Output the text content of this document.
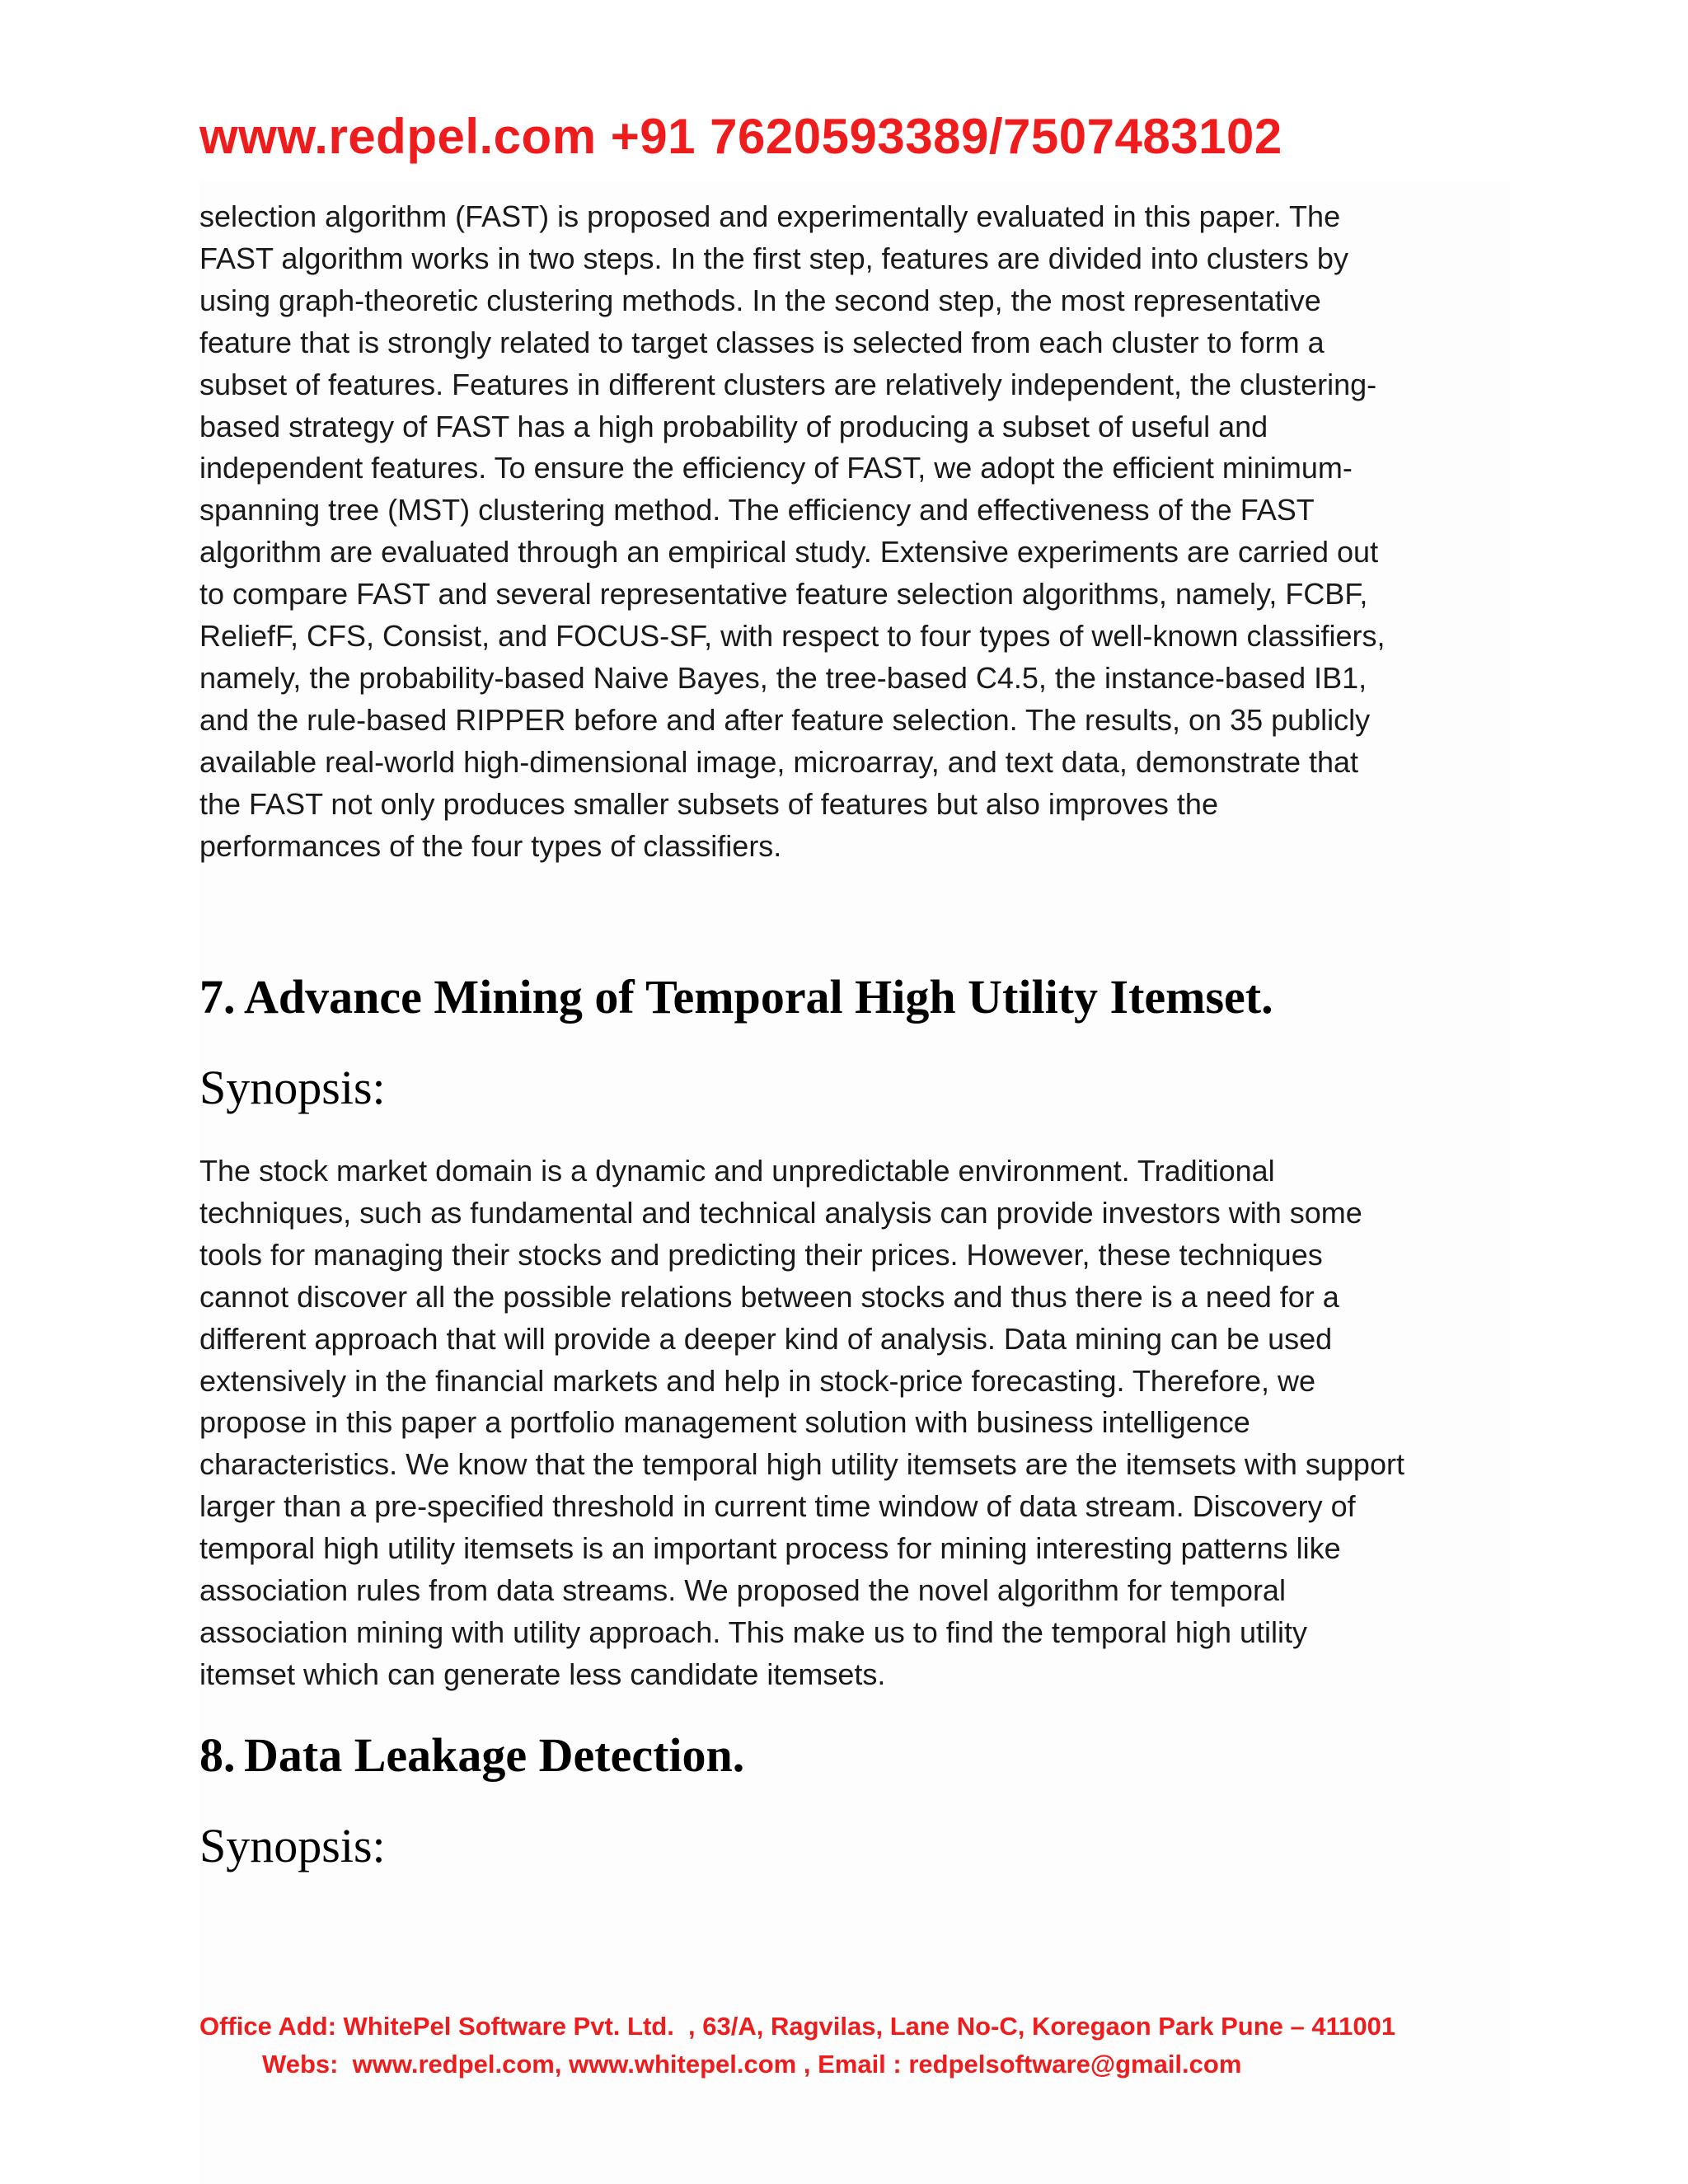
www.redpel.com +91 7620593389/7507483102
selection algorithm (FAST) is proposed and experimentally evaluated in this paper. The
FAST algorithm works in two steps. In the first step, features are divided into clusters by
using graph-theoretic clustering methods. In the second step, the most representative
feature that is strongly related to target classes is selected from each cluster to form a
subset of features. Features in different clusters are relatively independent, the clustering-
based strategy of FAST has a high probability of producing a subset of useful and
independent features. To ensure the efficiency of FAST, we adopt the efficient minimum-
spanning tree (MST) clustering method. The efficiency and effectiveness of the FAST
algorithm are evaluated through an empirical study. Extensive experiments are carried out
to compare FAST and several representative feature selection algorithms, namely, FCBF,
ReliefF, CFS, Consist, and FOCUS-SF, with respect to four types of well-known classifiers,
namely, the probability-based Naive Bayes, the tree-based C4.5, the instance-based IB1,
and the rule-based RIPPER before and after feature selection. The results, on 35 publicly
available real-world high-dimensional image, microarray, and text data, demonstrate that
the FAST not only produces smaller subsets of features but also improves the
performances of the four types of classifiers.
7. Advance Mining of Temporal High Utility Itemset.
Synopsis:
The stock market domain is a dynamic and unpredictable environment. Traditional
techniques, such as fundamental and technical analysis can provide investors with some
tools for managing their stocks and predicting their prices. However, these techniques
cannot discover all the possible relations between stocks and thus there is a need for a
different approach that will provide a deeper kind of analysis. Data mining can be used
extensively in the financial markets and help in stock-price forecasting. Therefore, we
propose in this paper a portfolio management solution with business intelligence
characteristics. We know that the temporal high utility itemsets are the itemsets with support
larger than a pre-specified threshold in current time window of data stream. Discovery of
temporal high utility itemsets is an important process for mining interesting patterns like
association rules from data streams. We proposed the novel algorithm for temporal
association mining with utility approach. This make us to find the temporal high utility
itemset which can generate less candidate itemsets.
8. Data Leakage Detection.
Synopsis:
Office Add: WhitePel Software Pvt. Ltd.  , 63/A, Ragvilas, Lane No-C, Koregaon Park Pune – 411001
Webs:  www.redpel.com, www.whitepel.com , Email : redpelsoftware@gmail.com
